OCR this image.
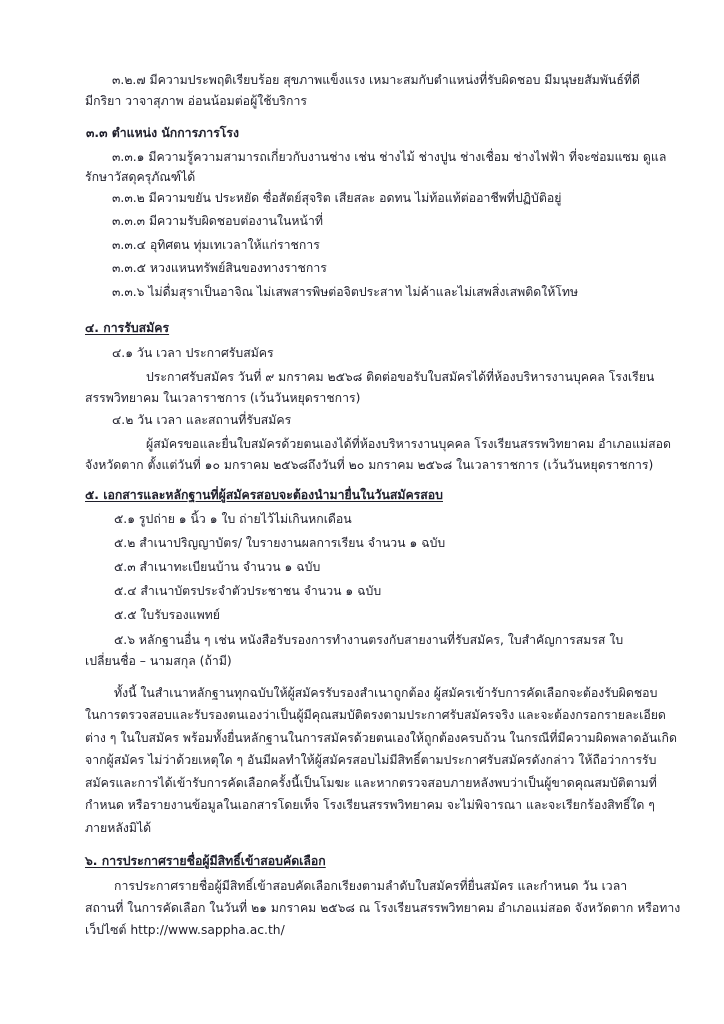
๓.๒.๗ มีความประพฤติเรียบร้อย สุขภาพแข็งแรง เหมาะสมกับตำแหน่งที่รับผิดชอบ มีมนุษยสัมพันธ์ที่ดี
มีกริยา วาจาสุภาพ อ่อนน้อมต่อผู้ใช้บริการ
๓.๓ ตำแหน่ง นักการภารโรง
๓.๓.๑ มีความรู้ความสามารถเกี่ยวกับงานช่าง เช่น ช่างไม้ ช่างปูน ช่างเชื่อม ช่างไฟฟ้า ที่จะซ่อมแซม ดูแล
รักษาวัสดุครุภัณฑ์ได้
๓.๓.๒ มีความขยัน ประหยัด ซื่อสัตย์สุจริต เสียสละ อดทน ไม่ท้อแท้ต่ออาชีพที่ปฏิบัติอยู่
๓.๓.๓ มีความรับผิดชอบต่องานในหน้าที่
๓.๓.๔ อุทิศตน ทุ่มเทเวลาให้แก่ราชการ
๓.๓.๕ หวงแหนทรัพย์สินของทางราชการ
๓.๓.๖ ไม่ดื่มสุราเป็นอาจิณ ไม่เสพสารพิษต่อจิตประสาท ไม่ค้าและไม่เสพสิ่งเสพติดให้โทษ
๔. การรับสมัคร
๔.๑ วัน เวลา ประกาศรับสมัคร
ประกาศรับสมัคร วันที่ ๙ มกราคม ๒๕๖๘ ติดต่อขอรับใบสมัครได้ที่ห้องบริหารงานบุคคล โรงเรียน
สรรพวิทยาคม ในเวลาราชการ (เว้นวันหยุดราชการ)
๔.๒ วัน เวลา และสถานที่รับสมัคร
ผู้สมัครขอและยื่นใบสมัครด้วยตนเองได้ที่ห้องบริหารงานบุคคล โรงเรียนสรรพวิทยาคม อำเภอแม่สอด
จังหวัดตาก ตั้งแต่วันที่ ๑๐ มกราคม ๒๕๖๘ถึงวันที่ ๒๐ มกราคม ๒๕๖๘ ในเวลาราชการ (เว้นวันหยุดราชการ)
๕. เอกสารและหลักฐานที่ผู้สมัครสอบจะต้องนำมายื่นในวันสมัครสอบ
๕.๑ รูปถ่าย ๑ นิ้ว ๑ ใบ ถ่ายไว้ไม่เกินหกเดือน
๕.๒ สำเนาปริญญาบัตร/ ใบรายงานผลการเรียน จำนวน ๑ ฉบับ
๕.๓ สำเนาทะเบียนบ้าน จำนวน ๑ ฉบับ
๕.๔ สำเนาบัตรประจำตัวประชาชน จำนวน ๑ ฉบับ
๕.๕ ใบรับรองแพทย์
๕.๖ หลักฐานอื่น ๆ เช่น หนังสือรับรองการทำงานตรงกับสายงานที่รับสมัคร, ใบสำคัญการสมรส ใบ
เปลี่ยนชื่อ – นามสกุล (ถ้ามี)
ทั้งนี้ ในสำเนาหลักฐานทุกฉบับให้ผู้สมัครรับรองสำเนาถูกต้อง ผู้สมัครเข้ารับการคัดเลือกจะต้องรับผิดชอบ
ในการตรวจสอบและรับรองตนเองว่าเป็นผู้มีคุณสมบัติตรงตามประกาศรับสมัครจริง และจะต้องกรอกรายละเอียด
ต่าง ๆ ในใบสมัคร พร้อมทั้งยื่นหลักฐานในการสมัครด้วยตนเองให้ถูกต้องครบถ้วน ในกรณีที่มีความผิดพลาดอันเกิด
จากผู้สมัคร ไม่ว่าด้วยเหตุใด ๆ อันมีผลทำให้ผู้สมัครสอบไม่มีสิทธิ์ตามประกาศรับสมัครดังกล่าว ให้ถือว่าการรับ
สมัครและการได้เข้ารับการคัดเลือกครั้งนี้เป็นโมฆะ และหากตรวจสอบภายหลังพบว่าเป็นผู้ขาดคุณสมบัติตามที่
กำหนด หรือรายงานข้อมูลในเอกสารโดยเท็จ โรงเรียนสรรพวิทยาคม จะไม่พิจารณา และจะเรียกร้องสิทธิ์ใด ๆ
ภายหลังมิได้
๖. การประกาศรายชื่อผู้มีสิทธิ์เข้าสอบคัดเลือก
การประกาศรายชื่อผู้มีสิทธิ์เข้าสอบคัดเลือกเรียงตามลำดับใบสมัครที่ยื่นสมัคร และกำหนด วัน เวลา
สถานที่ ในการคัดเลือก ในวันที่ ๒๑ มกราคม ๒๕๖๘ ณ โรงเรียนสรรพวิทยาคม อำเภอแม่สอด จังหวัดตาก หรือทาง
เว็ปไซต์ http://www.sappha.ac.th/
